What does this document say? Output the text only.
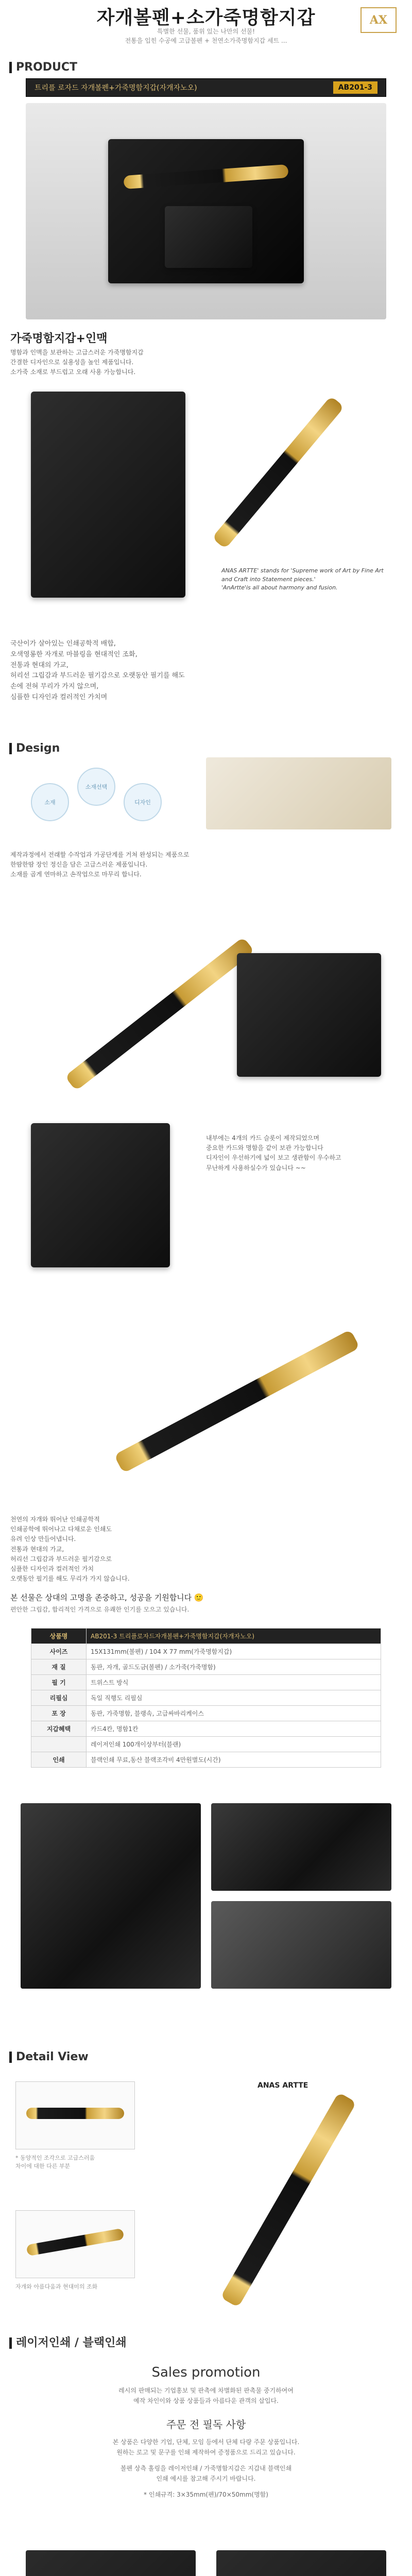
자개볼펜+소가죽명함지갑
특별한 선물, 품위 있는 나만의 선물!
전통을 입힌 수공예 고급볼펜 + 천연소가죽명함지갑 세트 ...
AX
PRODUCT
트리플 로자드 자개볼펜+가죽명함지갑(자개자노오)	AB201-3
가죽명함지갑+인맥
명함과 인맥을 보관하는 고급스러운 가죽명함지갑
간결한 디자인으로 실용성을 높인 제품입니다.
소가죽 소재로 부드럽고 오래 사용 가능합니다.
ANAS ARTTE' stands for 'Supreme work of Art by Fine Art
and Craft into Statement pieces.'
'AnArtte'is all about harmony and fusion.
국산이가 살아있는 인쇄공학적 배합,
오색영롱한 자개로 마블링을 현대적인 조화,
전통과 현대의 가교,
허리선 그립감과 부드러운 필기감으로 오랫동안 필기를 해도
손에 전혀 무리가 가지 않으며,
심플한 디자인과 컬러적인 가치며
Design
소재
소재선택
디자인
제작과정에서 전래할 수작업과 가공단계를 거쳐 완성되는 제품으로
한땀한땀 장인 정신을 담은 고급스러운 제품입니다.
소재를 곱게 연마하고 손작업으로 마무리 합니다.
내부에는 4개의 카드 슬롯이 제작되었으며
중요한 카드와 명함을 같이 보관 가능합니다
디자인이 우선하기에 넓이 보고 생관함이 우수하고
무난하게 사용하실수가 있습니다 ~~
천연의 자개와 뛰어난 인쇄공학적
인쇄공학에 뛰어나고 다채로운 인쇄도
유려 인상 만들어냅니다.
전통과 현대의 가교,
허리선 그립감과 부드러운 필기감으로
심플한 디자인과 컬러적인 가치
오랫동안 필기를 해도 무리가 가지 않습니다.
본 선물은 상대의 고명을 존중하고, 성공을 기원합니다 🙂
편안한 그립감, 합리적인 가격으로 유쾌한 인기를 모으고 있습니다.
상품명	AB201-3 트리플로자드자개볼펜+가죽명함지갑(자개자노오)
사이즈	15X131mm(볼펜) / 104 X 77 mm(가죽명함지갑)
재 질	동판, 자개, 골드도금(볼펜) / 소가죽(가죽명함)
필 기	트위스트 방식
리필심	독일 직행도 리필심
포 장	동판, 가죽명함, 블랭속, 고급싸바리케이스
지갑혜택	카드4칸, 명함1칸
	레이저인쇄 100개이상부터(블랜)
인쇄	블랙인쇄 무료,동산 블랙조각비 4만원별도(시간)
Detail View
* 동양적인 조각으로 고급스러움
차이에 대한 다른 부분
자개와 아름다움과 현대미의 조화
ANAS ARTTE
레이저인쇄 / 블랙인쇄
Sales promotion
레시의 판매되는 기업홍보 및 판촉에 차별화된 판촉물 중기하여여
예작 차인이와 상품 상품들과 아름다운 관객의 삽입다.
주문 전 필독 사항
본 상품은 다양한 기업, 단체, 모임 등에서 단체 다량 주문 상품입니다.
원하는 로고 및 문구를 인쇄 제작하여 증정품으로 드리고 있습니다.
볼펜 상측 홀링을 레이저인쇄 / 가죽명함지갑은 지갑내 블랙인쇄
인쇄 예시를 참고해 주시기 바랍니다.
* 인쇄규격: 3×35mm(펜)/70×50mm(명함)
